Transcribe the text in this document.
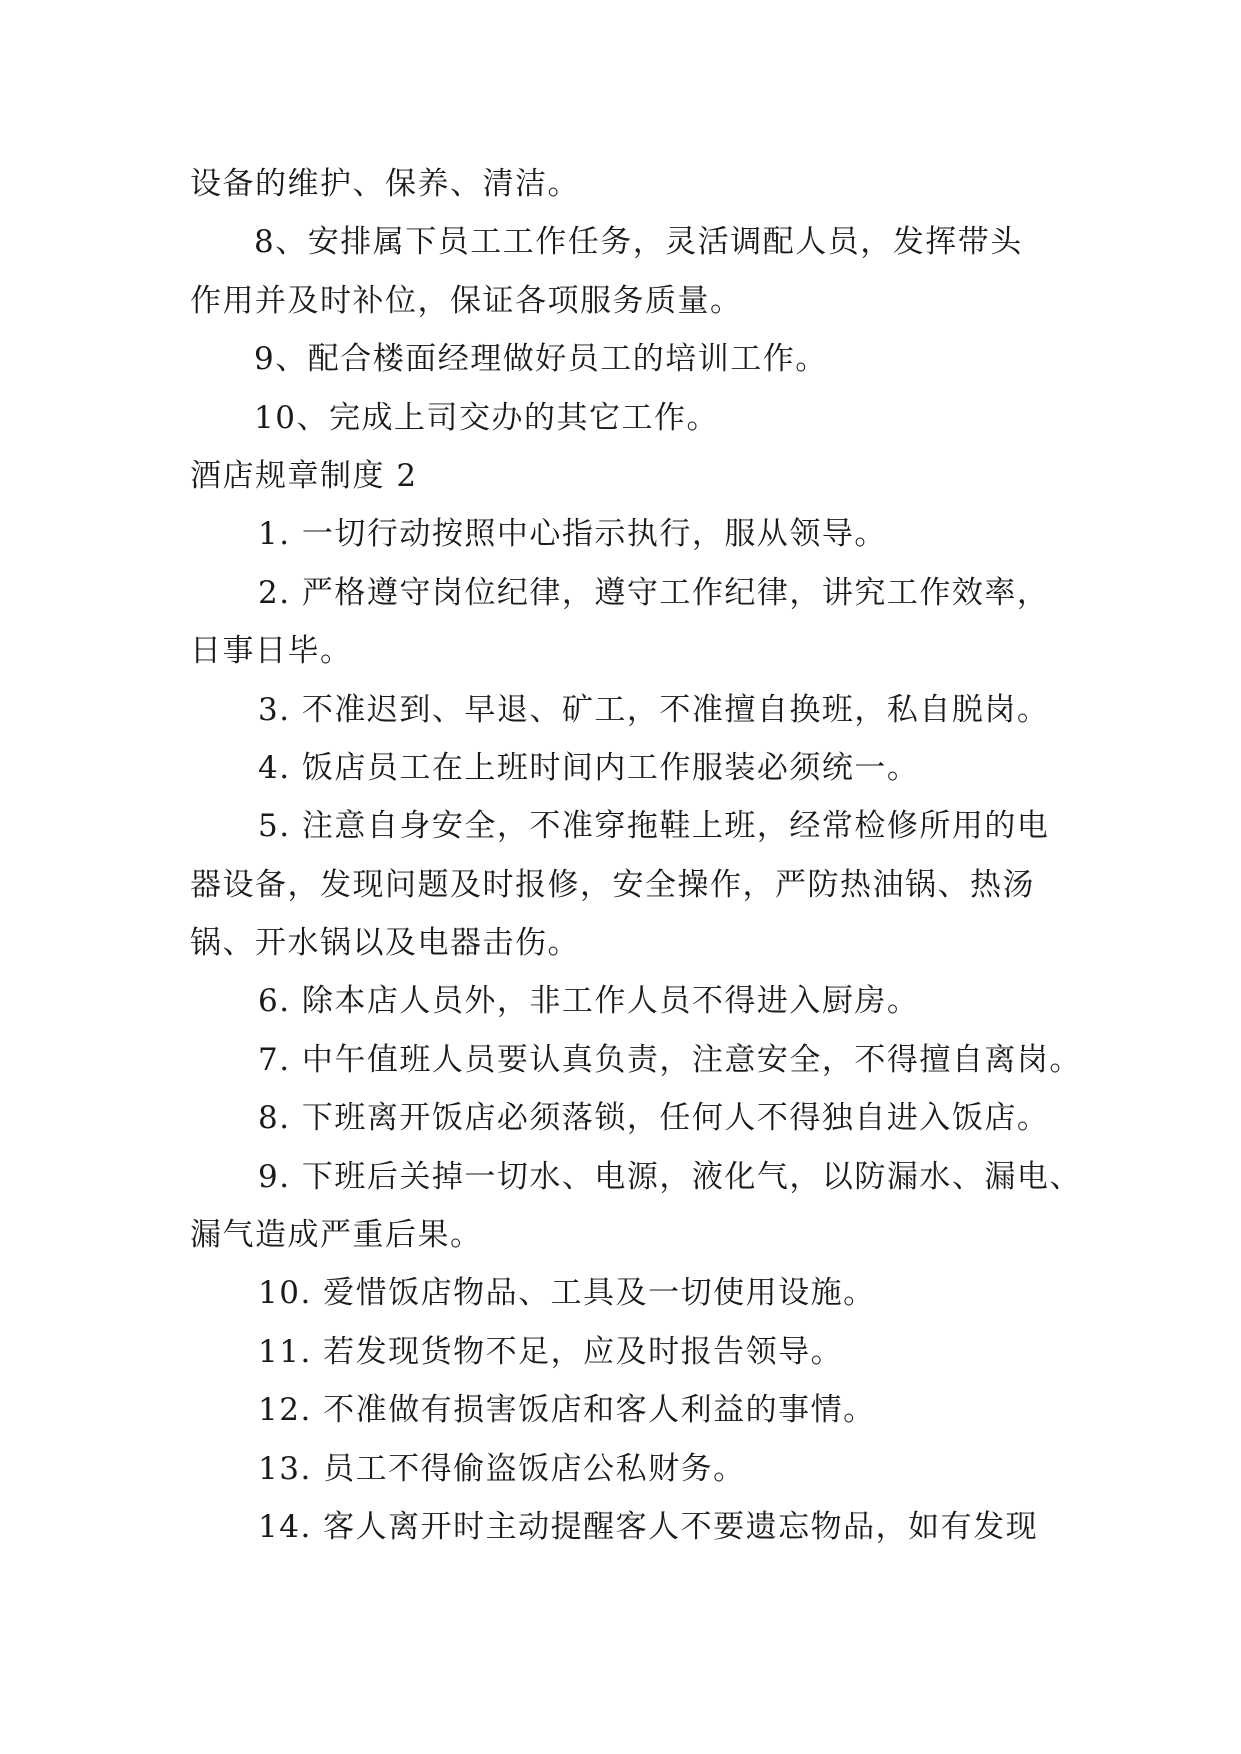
设备的维护、保养、清洁。
8、安排属下员工工作任务，灵活调配人员，发挥带头
作用并及时补位，保证各项服务质量。
9、配合楼面经理做好员工的培训工作。
10、完成上司交办的其它工作。
酒店规章制度 2
1. 一切行动按照中心指示执行，服从领导。
2. 严格遵守岗位纪律，遵守工作纪律，讲究工作效率，
日事日毕。
3. 不准迟到、早退、矿工，不准擅自换班，私自脱岗。
4. 饭店员工在上班时间内工作服装必须统一。
5. 注意自身安全，不准穿拖鞋上班，经常检修所用的电
器设备，发现问题及时报修，安全操作，严防热油锅、热汤
锅、开水锅以及电器击伤。
6. 除本店人员外，非工作人员不得进入厨房。
7. 中午值班人员要认真负责，注意安全，不得擅自离岗。
8. 下班离开饭店必须落锁，任何人不得独自进入饭店。
9. 下班后关掉一切水、电源，液化气，以防漏水、漏电、
漏气造成严重后果。
10. 爱惜饭店物品、工具及一切使用设施。
11. 若发现货物不足，应及时报告领导。
12. 不准做有损害饭店和客人利益的事情。
13. 员工不得偷盗饭店公私财务。
14. 客人离开时主动提醒客人不要遗忘物品，如有发现
